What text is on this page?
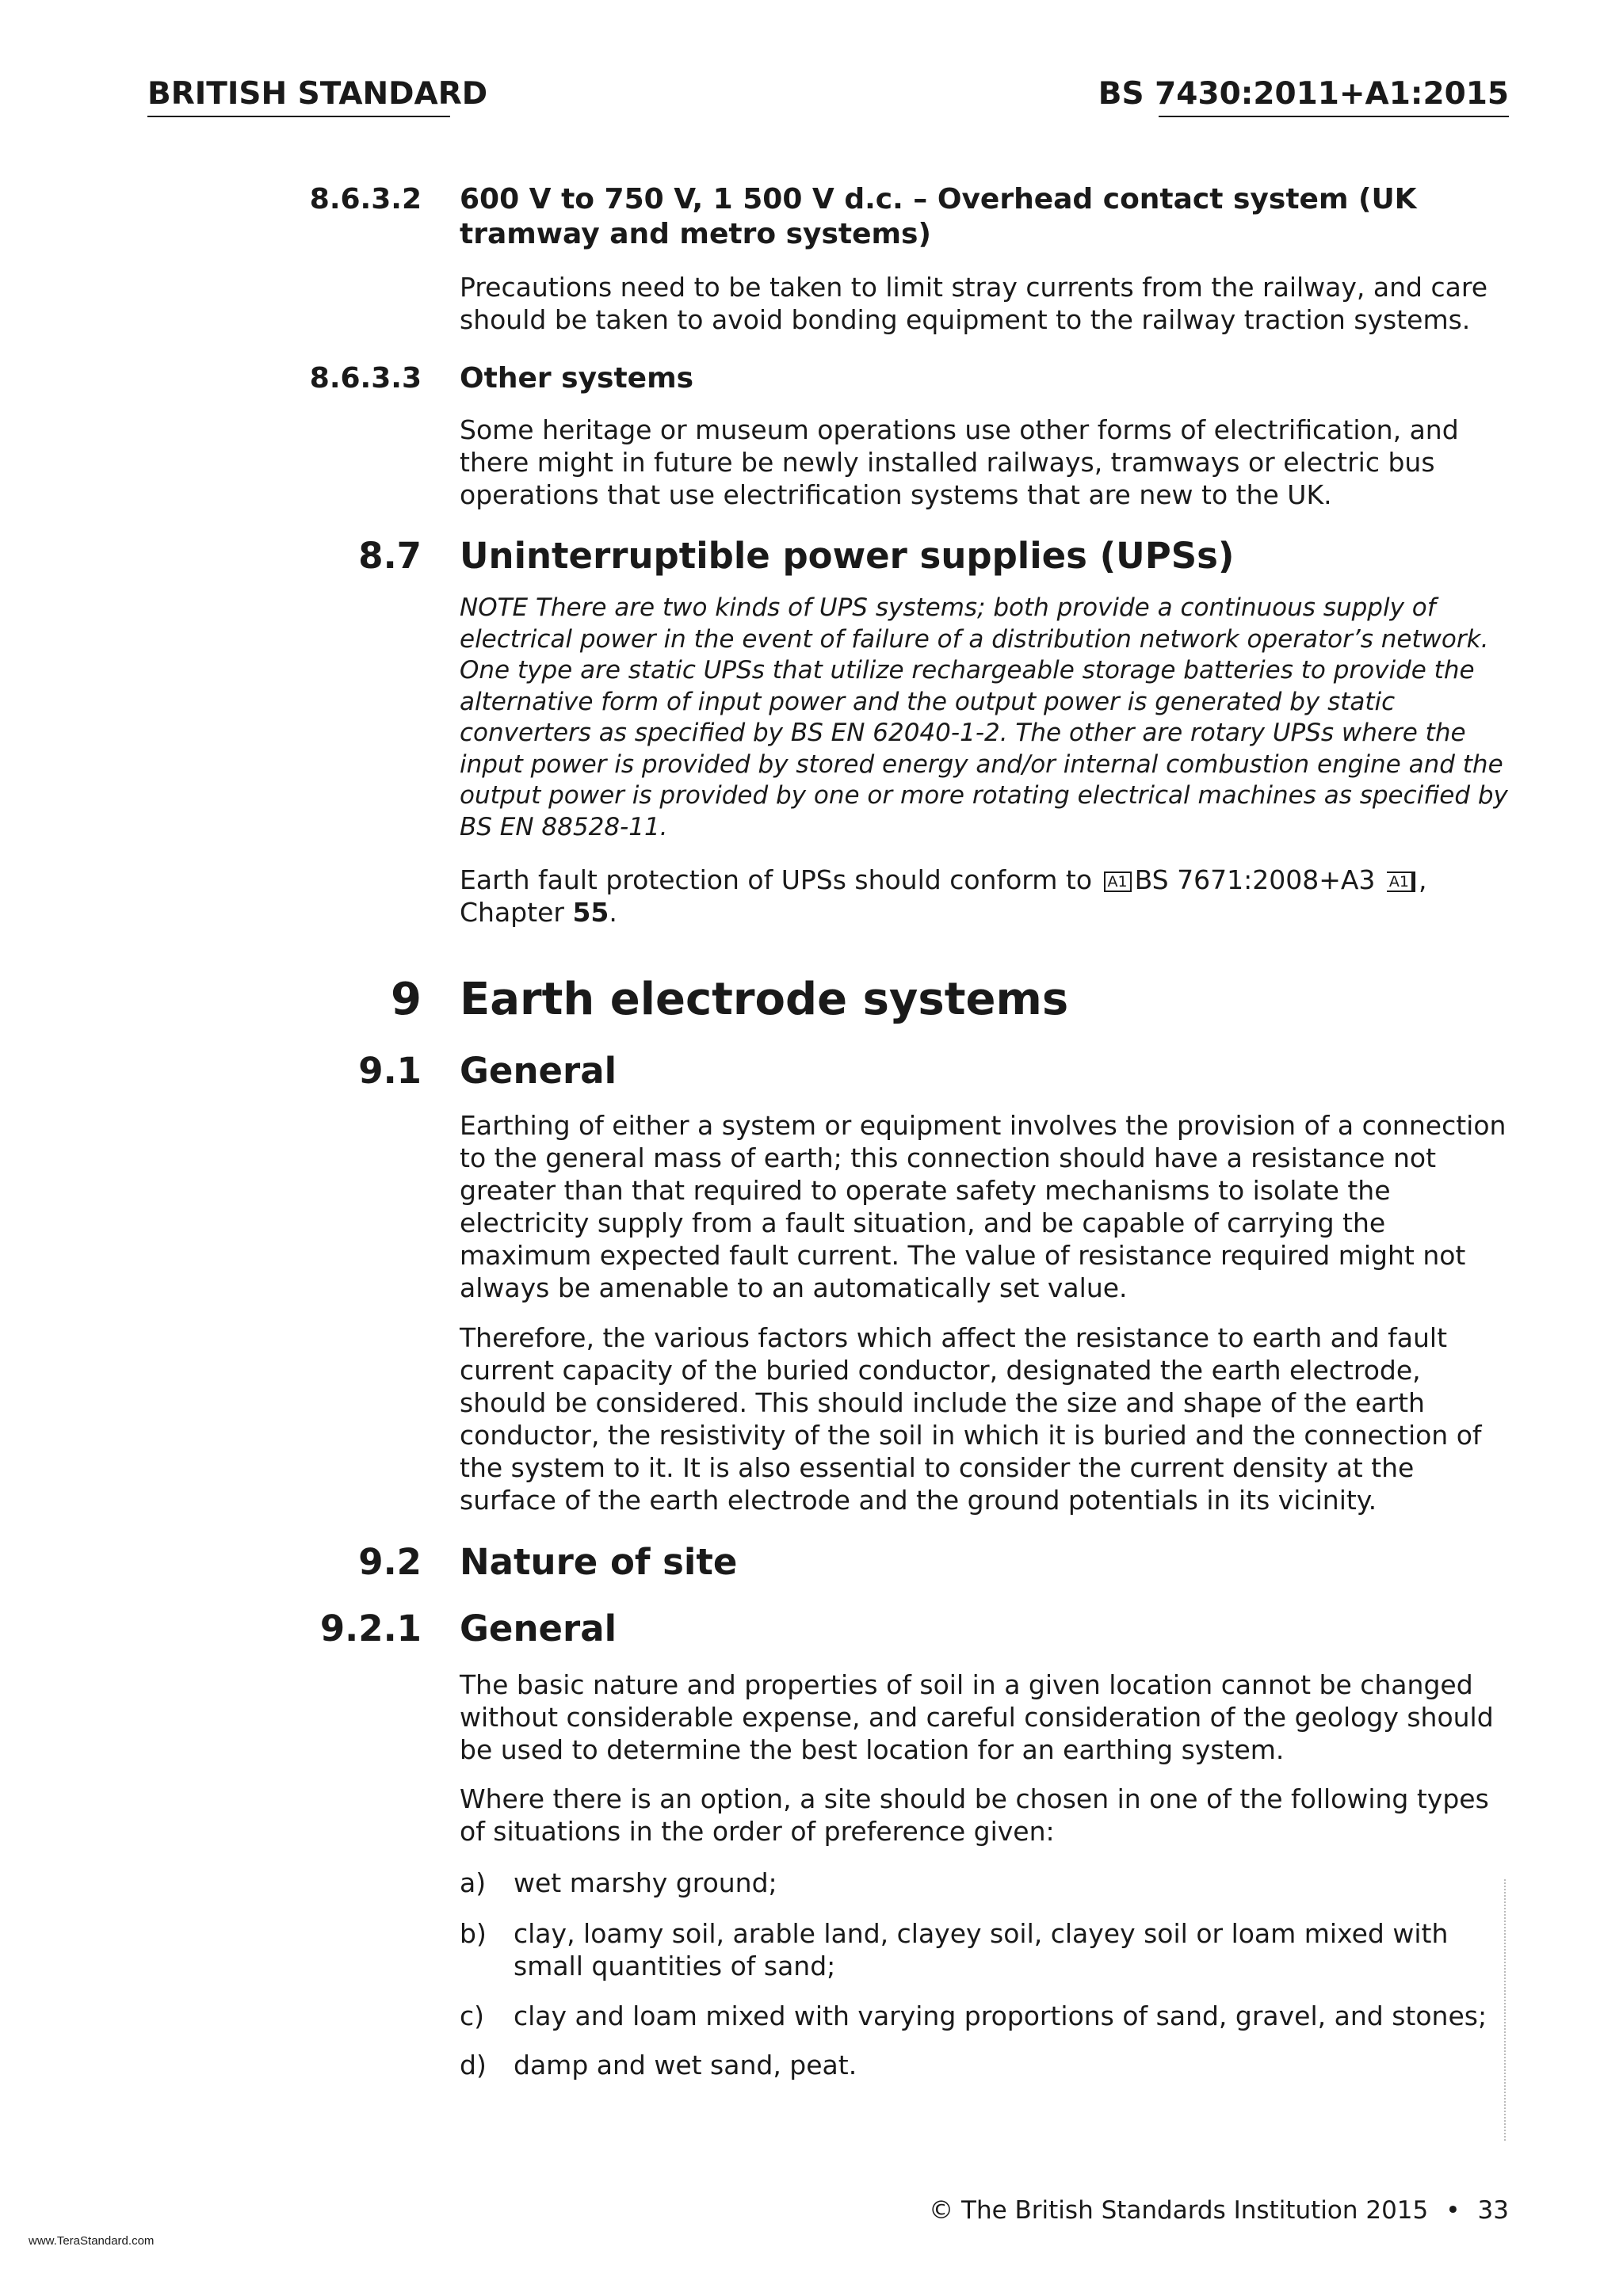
BRITISH STANDARD	BS 7430:2011+A1:2015
8.6.3.2 600 V to 750 V, 1 500 V d.c. – Overhead contact system (UK tramway and metro systems)

Precautions need to be taken to limit stray currents from the railway, and care should be taken to avoid bonding equipment to the railway traction systems.

8.6.3.3 Other systems

Some heritage or museum operations use other forms of electrification, and there might in future be newly installed railways, tramways or electric bus operations that use electrification systems that are new to the UK.

8.7 Uninterruptible power supplies (UPSs)

NOTE There are two kinds of UPS systems; both provide a continuous supply of electrical power in the event of failure of a distribution network operator’s network. One type are static UPSs that utilize rechargeable storage batteries to provide the alternative form of input power and the output power is generated by static converters as specified by BS EN 62040-1-2. The other are rotary UPSs where the input power is provided by stored energy and/or internal combustion engine and the output power is provided by one or more rotating electrical machines as specified by BS EN 88528-11.

Earth fault protection of UPSs should conform to A1 BS 7671:2008+A3 A1 , Chapter 55.

9 Earth electrode systems
9.1 General

Earthing of either a system or equipment involves the provision of a connection to the general mass of earth; this connection should have a resistance not greater than that required to operate safety mechanisms to isolate the electricity supply from a fault situation, and be capable of carrying the maximum expected fault current. The value of resistance required might not always be amenable to an automatically set value.

Therefore, the various factors which affect the resistance to earth and fault current capacity of the buried conductor, designated the earth electrode, should be considered. This should include the size and shape of the earth conductor, the resistivity of the soil in which it is buried and the connection of the system to it. It is also essential to consider the current density at the surface of the earth electrode and the ground potentials in its vicinity.

9.2 Nature of site
9.2.1 General

The basic nature and properties of soil in a given location cannot be changed without considerable expense, and careful consideration of the geology should be used to determine the best location for an earthing system.

Where there is an option, a site should be chosen in one of the following types of situations in the order of preference given:

a) wet marshy ground;
b) clay, loamy soil, arable land, clayey soil, clayey soil or loam mixed with small quantities of sand;
c) clay and loam mixed with varying proportions of sand, gravel, and stones;
d) damp and wet sand, peat.
© The British Standards Institution 2015 • 33
www.TeraStandard.com
